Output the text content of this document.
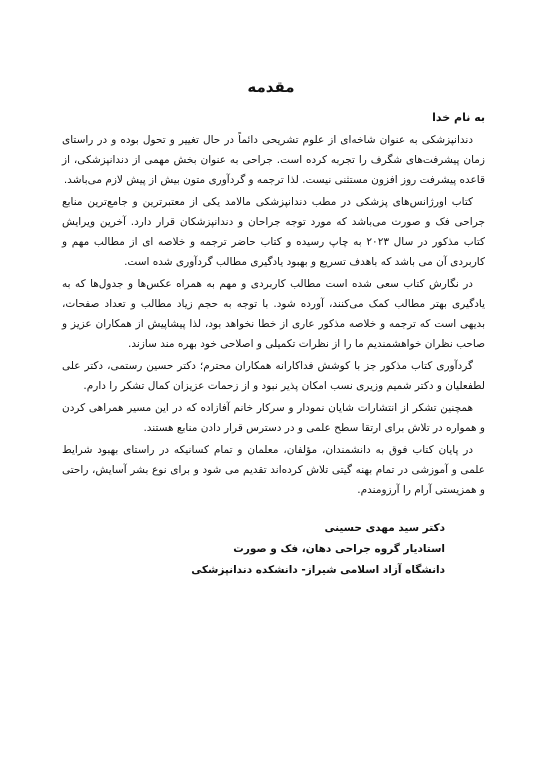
مقدمه

به نام خدا

دندانپزشکی به عنوان شاخه‌ای از علوم تشریحی دائماً در حال تغییر و تحول بوده و در راستای زمان پیشرفت‌های شگرف را تجربه کرده است. جراحی به عنوان بخش مهمی از دندانپزشکی، از قاعده پیشرفت روز افزون مستثنی نیست. لذا ترجمه و گردآوری متون بیش از پیش لازم می‌باشد.

کتاب اورژانس‌های پزشکی در مطب دندانپزشکی مالامد یکی از معتبرترین و جامع‌ترین منابع جراحی فک و صورت می‌باشد که مورد توجه جراحان و دندانپزشکان قرار دارد. آخرین ویرایش کتاب مذکور در سال ۲۰۲۳ به چاپ رسیده و کتاب حاضر ترجمه و خلاصه ای از مطالب مهم و کاربردی آن می باشد که باهدف تسریع و بهبود یادگیری مطالب گردآوری شده است.

در نگارش کتاب سعی شده است مطالب کاربردی و مهم به همراه عکس‌ها و جدول‌ها که به یادگیری بهتر مطالب کمک می‌کنند، آورده شود. با توجه به حجم زیاد مطالب و تعداد صفحات، بدیهی است که ترجمه و خلاصه مذکور عاری از خطا نخواهد بود، لذا پیشاپیش از همکاران عزیز و صاحب نظران خواهشمندیم ما را از نظرات تکمیلی و اصلاحی خود بهره مند سازند.

گردآوری کتاب مذکور جز با کوشش فداکارانه همکاران محترم؛ دکتر حسین رستمی، دکتر علی لطفعلیان و دکتر شمیم وزیری نسب امکان پذیر نبود و از زحمات عزیزان کمال تشکر را دارم.

همچنین تشکر از انتشارات شایان نمودار و سرکار خانم آفازاده که در این مسیر همراهی کردن و همواره در تلاش برای ارتقا سطح علمی و در دسترس قرار دادن منابع هستند.

در پایان کتاب فوق به دانشمندان، مؤلفان، معلمان و تمام کسانیکه در راستای بهبود شرایط علمی و آموزشی در تمام بهنه گیتی تلاش کرده‌اند تقدیم می شود و برای نوع بشر آسایش، راحتی و همزیستی آرام را آرزومندم.

دکتر سید مهدی حسینی
استادیار گروه جراحی دهان، فک و صورت
دانشگاه آزاد اسلامی شیراز- دانشکده دندانپزشکی
